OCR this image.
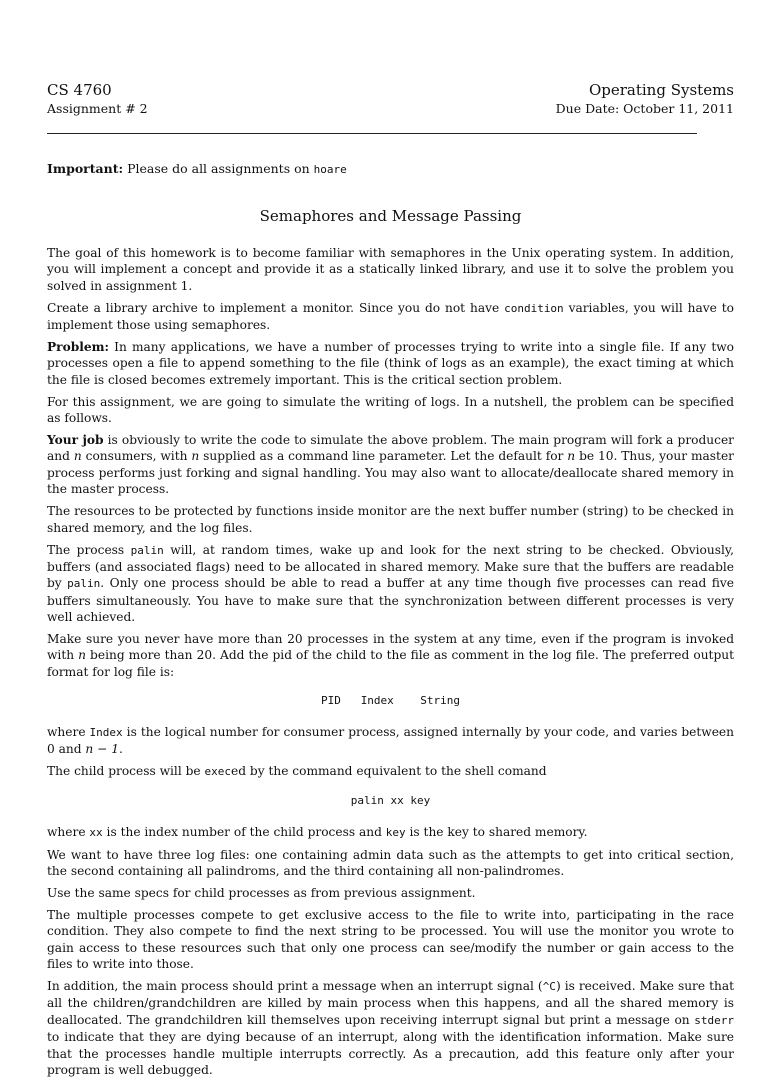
CS 4760	Operating Systems
Assignment # 2	Due Date: October 11, 2011
Important: Please do all assignments on hoare
Semaphores and Message Passing

The goal of this homework is to become familiar with semaphores in the Unix operating system. In addition, you will implement a concept and provide it as a statically linked library, and use it to solve the problem you solved in assignment 1.

Create a library archive to implement a monitor. Since you do not have condition variables, you will have to implement those using semaphores.

Problem: In many applications, we have a number of processes trying to write into a single file. If any two processes open a file to append something to the file (think of logs as an example), the exact timing at which the file is closed becomes extremely important. This is the critical section problem.

For this assignment, we are going to simulate the writing of logs. In a nutshell, the problem can be specified as follows.

Your job is obviously to write the code to simulate the above problem. The main program will fork a producer and n consumers, with n supplied as a command line parameter. Let the default for n be 10. Thus, your master process performs just forking and signal handling. You may also want to allocate/deallocate shared memory in the master process.

The resources to be protected by functions inside monitor are the next buffer number (string) to be checked in shared memory, and the log files.

The process palin will, at random times, wake up and look for the next string to be checked. Obviously, buffers (and associated flags) need to be allocated in shared memory. Make sure that the buffers are readable by palin. Only one process should be able to read a buffer at any time though five processes can read five buffers simultaneously. You have to make sure that the synchronization between different processes is very well achieved.

Make sure you never have more than 20 processes in the system at any time, even if the program is invoked with n being more than 20. Add the pid of the child to the file as comment in the log file. The preferred output format for log file is:

PID   Index    String

where Index is the logical number for consumer process, assigned internally by your code, and varies between 0 and n − 1.

The child process will be execed by the command equivalent to the shell comand

palin xx key

where xx is the index number of the child process and key is the key to shared memory.

We want to have three log files: one containing admin data such as the attempts to get into critical section, the second containing all palindroms, and the third containing all non-palindromes.

Use the same specs for child processes as from previous assignment.

The multiple processes compete to get exclusive access to the file to write into, participating in the race condition. They also compete to find the next string to be processed. You will use the monitor you wrote to gain access to these resources such that only one process can see/modify the number or gain access to the files to write into those.

In addition, the main process should print a message when an interrupt signal (^C) is received. Make sure that all the children/grandchildren are killed by main process when this happens, and all the shared memory is deallocated. The grandchildren kill themselves upon receiving interrupt signal but print a message on stderr to indicate that they are dying because of an interrupt, along with the identification information. Make sure that the processes handle multiple interrupts correctly. As a precaution, add this feature only after your program is well debugged.
